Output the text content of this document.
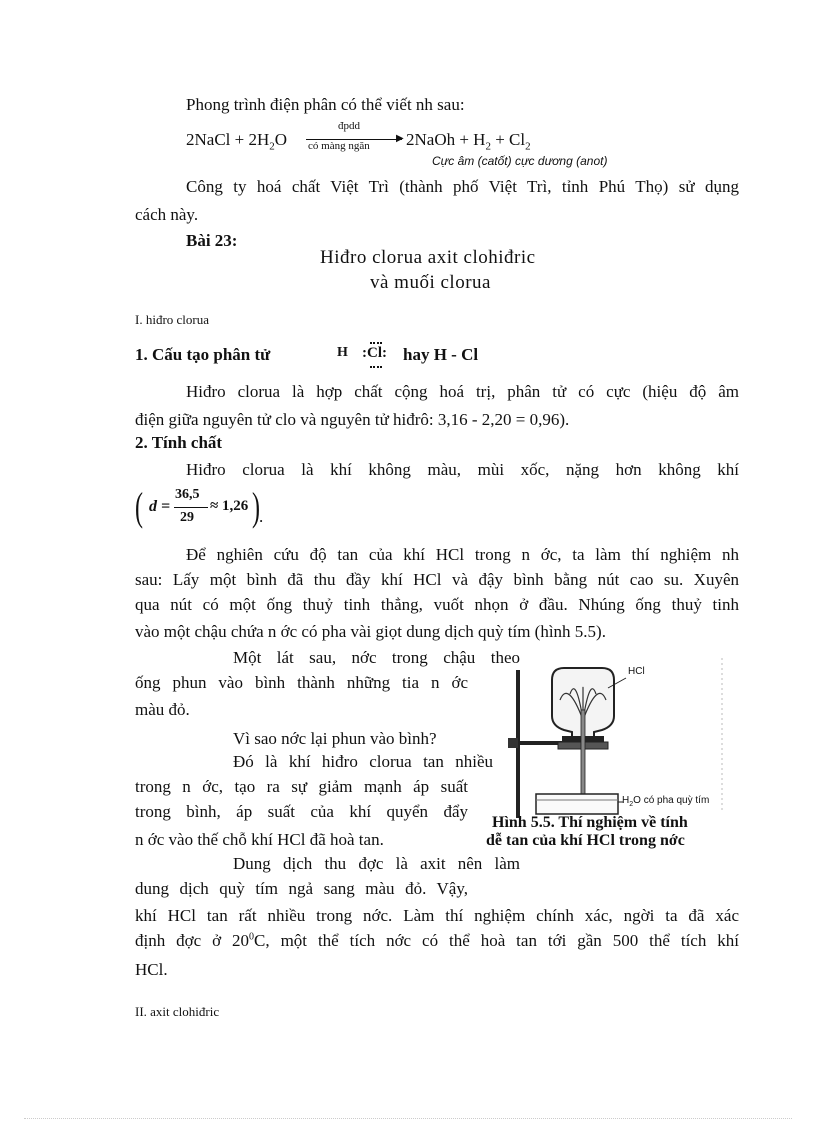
Phong trình điện phân có thể viết nh sau:
2NaCl + $2H_2O$
đpdd
▶
có màng ngăn 2NaOh + $H_2 + Cl_2$
Cực âm (catốt) cực dương (anot)
Công ty hoá chất Việt Trì (thành phố Việt Trì, tỉnh Phú Thọ) sử dụng
cách này.
Bài 23:
Hiđro clorua axit clohiđric
và muối clorua
I. hiđro clorua
1. Cấu tạo phân tử	H :Cl: hay H - Cl
Hiđro clorua là hợp chất cộng hoá trị, phân tử có cực (hiệu độ âm
điện giữa nguyên tử clo và nguyên tử hiđrô: 3,16 - 2,20 = 0,96).
2. Tính chất
Hiđro clorua là khí không màu, mùi xốc, nặng hơn không khí
( d =
36,5
29
≈ 1,26 ) .
Để nghiên cứu độ tan của khí HCl trong n ớc, ta làm thí nghiệm nh
sau: Lấy một bình đã thu đầy khí HCl và đậy bình bằng nút cao su. Xuyên
qua nút có một ống thuỷ tinh thẳng, vuốt nhọn ở đầu. Nhúng ống thuỷ tinh
vào một chậu chứa n ớc có pha vài giọt dung dịch quỳ tím (hình 5.5).
Một lát sau, nớc trong chậu theo
ống phun vào bình thành những tia n ớc
màu đỏ.
Vì sao nớc lại phun vào bình?
Đó là khí hiđro clorua tan nhiều
trong n ớc, tạo ra sự giảm mạnh áp suất
trong bình, áp suất của khí quyển đẩy
n ớc vào thế chỗ khí HCl đã hoà tan.
Dung dịch thu đợc là axit nên làm
dung dịch quỳ tím ngả sang màu đỏ. Vậy,
khí HCl tan rất nhiều trong nớc. Làm thí nghiệm chính xác, ngời ta đã xác
định đợc ở $20^0C$, một thể tích nớc có thể hoà tan tới gần 500 thể tích khí
HCl.
HCl
$H_2O$ có pha quỳ tím
Hình 5.5. Thí nghiệm về tính
dễ tan của khí HCl trong nớc
II. axit clohiđric
